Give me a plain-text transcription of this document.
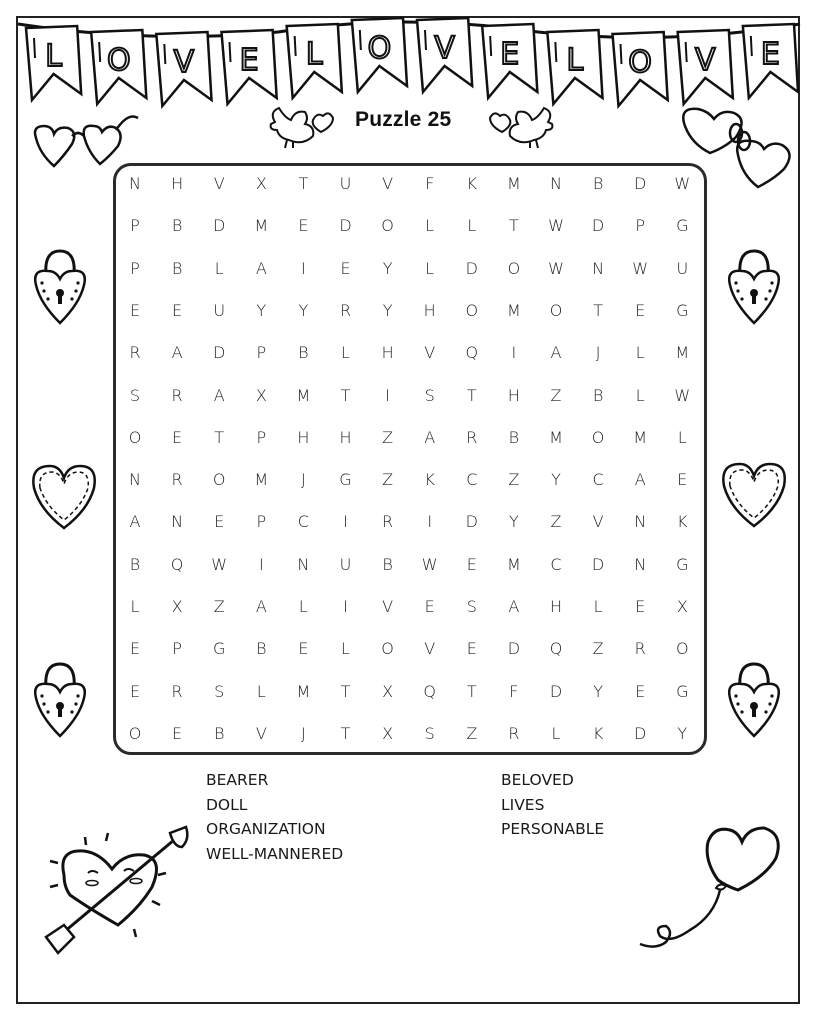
L O V E L O V E L O V E
Puzzle 25
N	H	V	X	T	U	V	F	K	M	N	B	D	W
P	B	D	M	E	D	O	L	L	T	W	D	P	G
P	B	L	A	I	E	Y	L	D	O	W	N	W	U
E	E	U	Y	Y	R	Y	H	O	M	O	T	E	G
R	A	D	P	B	L	H	V	Q	I	A	J	L	M
S	R	A	X	M	T	I	S	T	H	Z	B	L	W
O	E	T	P	H	H	Z	A	R	B	M	O	M	L
N	R	O	M	J	G	Z	K	C	Z	Y	C	A	E
A	N	E	P	C	I	R	I	D	Y	Z	V	N	K
B	Q	W	I	N	U	B	W	E	M	C	D	N	G
L	X	Z	A	L	I	V	E	S	A	H	L	E	X
E	P	G	B	E	L	O	V	E	D	Q	Z	R	O
E	R	S	L	M	T	X	Q	T	F	D	Y	E	G
O	E	B	V	J	T	X	S	Z	R	L	K	D	Y
BEARER
DOLL
ORGANIZATION
WELL-MANNERED
BELOVED
LIVES
PERSONABLE
